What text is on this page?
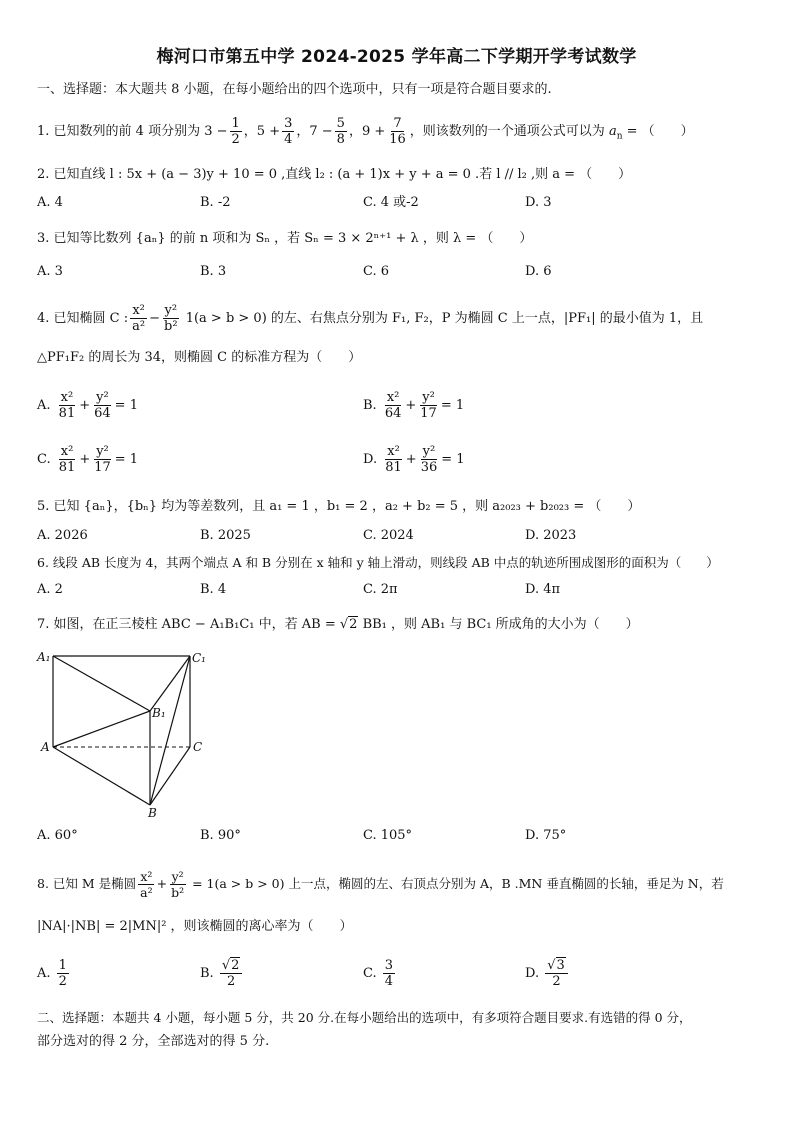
梅河口市第五中学 2024-2025 学年高二下学期开学考试数学
一、选择题：本大题共 8 小题，在每小题给出的四个选项中，只有一项是符合题目要求的.
1. 已知数列的前 4 项分别为 $3 - \frac{1}{2}$ ，$5 + \frac{3}{4}$ ，$7 - \frac{5}{8}$ ，$9 + \frac{7}{16}$ ，则该数列的一个通项公式可以为 $a_n$ = （　　）
2. 已知直线 l : 5x + (a − 3)y + 10 = 0 ,直线 l₂ : (a + 1)x + y + a = 0 .若 l // l₂ ,则 a = （　　）
A. 4	B. -2	C. 4 或-2	D. 3
3. 已知等比数列 {aₙ} 的前 n 项和为 Sₙ ，若 Sₙ = 3 × 2ⁿ⁺¹ + λ ，则 λ = （　　）
A. 3	B. 3	C. 6	D. 6
4. 已知椭圆 C : $\frac{\text{x²}}{\text{a²}} - \frac{\text{y²}}{\text{b²}} 1(a > b > 0)$ 的左、右焦点分别为 F₁, F₂，P 为椭圆 C 上一点，|PF₁| 的最小值为 1，且
△PF₁F₂ 的周长为 34，则椭圆 C 的标准方程为（　　）
A. $\frac{\text{x²}}{81} + \frac{\text{y²}}{64} = 1$	B. $\frac{\text{x²}}{64} + \frac{\text{y²}}{17} = 1$
C. $\frac{\text{x²}}{81} + \frac{\text{y²}}{17} = 1$	D. $\frac{\text{x²}}{81} + \frac{\text{y²}}{36} = 1$
5. 已知 {aₙ}，{bₙ} 均为等差数列，且 a₁ = 1 ，b₁ = 2 ，a₂ + b₂ = 5 ，则 a₂₀₂₃ + b₂₀₂₃ = （　　）
A. 2026	B. 2025	C. 2024	D. 2023
6. 线段 AB 长度为 4，其两个端点 A 和 B 分别在 x 轴和 y 轴上滑动，则线段 AB 中点的轨迹所围成图形的面积为（　　）
A. 2	B. 4	C. 2π	D. 4π
7. 如图，在正三棱柱 ABC − A₁B₁C₁ 中，若 AB = √2 BB₁ ，则 AB₁ 与 BC₁ 所成角的大小为（　　）
A₁	C₁
B₁
A	C
B
A. 60°	B. 90°	C. 105°	D. 75°
8. 已知 M 是椭圆 $\frac{\text{x²}}{\text{a²}} + \frac{\text{y²}}{\text{b²}} = 1(a > b > 0)$ 上一点，椭圆的左、右顶点分别为 A，B .MN 垂直椭圆的长轴，垂足为 N，若
|NA|·|NB| = 2|MN|² ，则该椭圆的离心率为（　　）
A. $\frac{1}{2}$	B. $\frac{√2}{2}$	C. $\frac{3}{4}$	D. $\frac{√3}{2}$
二、选择题：本题共 4 小题，每小题 5 分，共 20 分.在每小题给出的选项中，有多项符合题目要求.有选错的得 0 分，
部分选对的得 2 分，全部选对的得 5 分.
